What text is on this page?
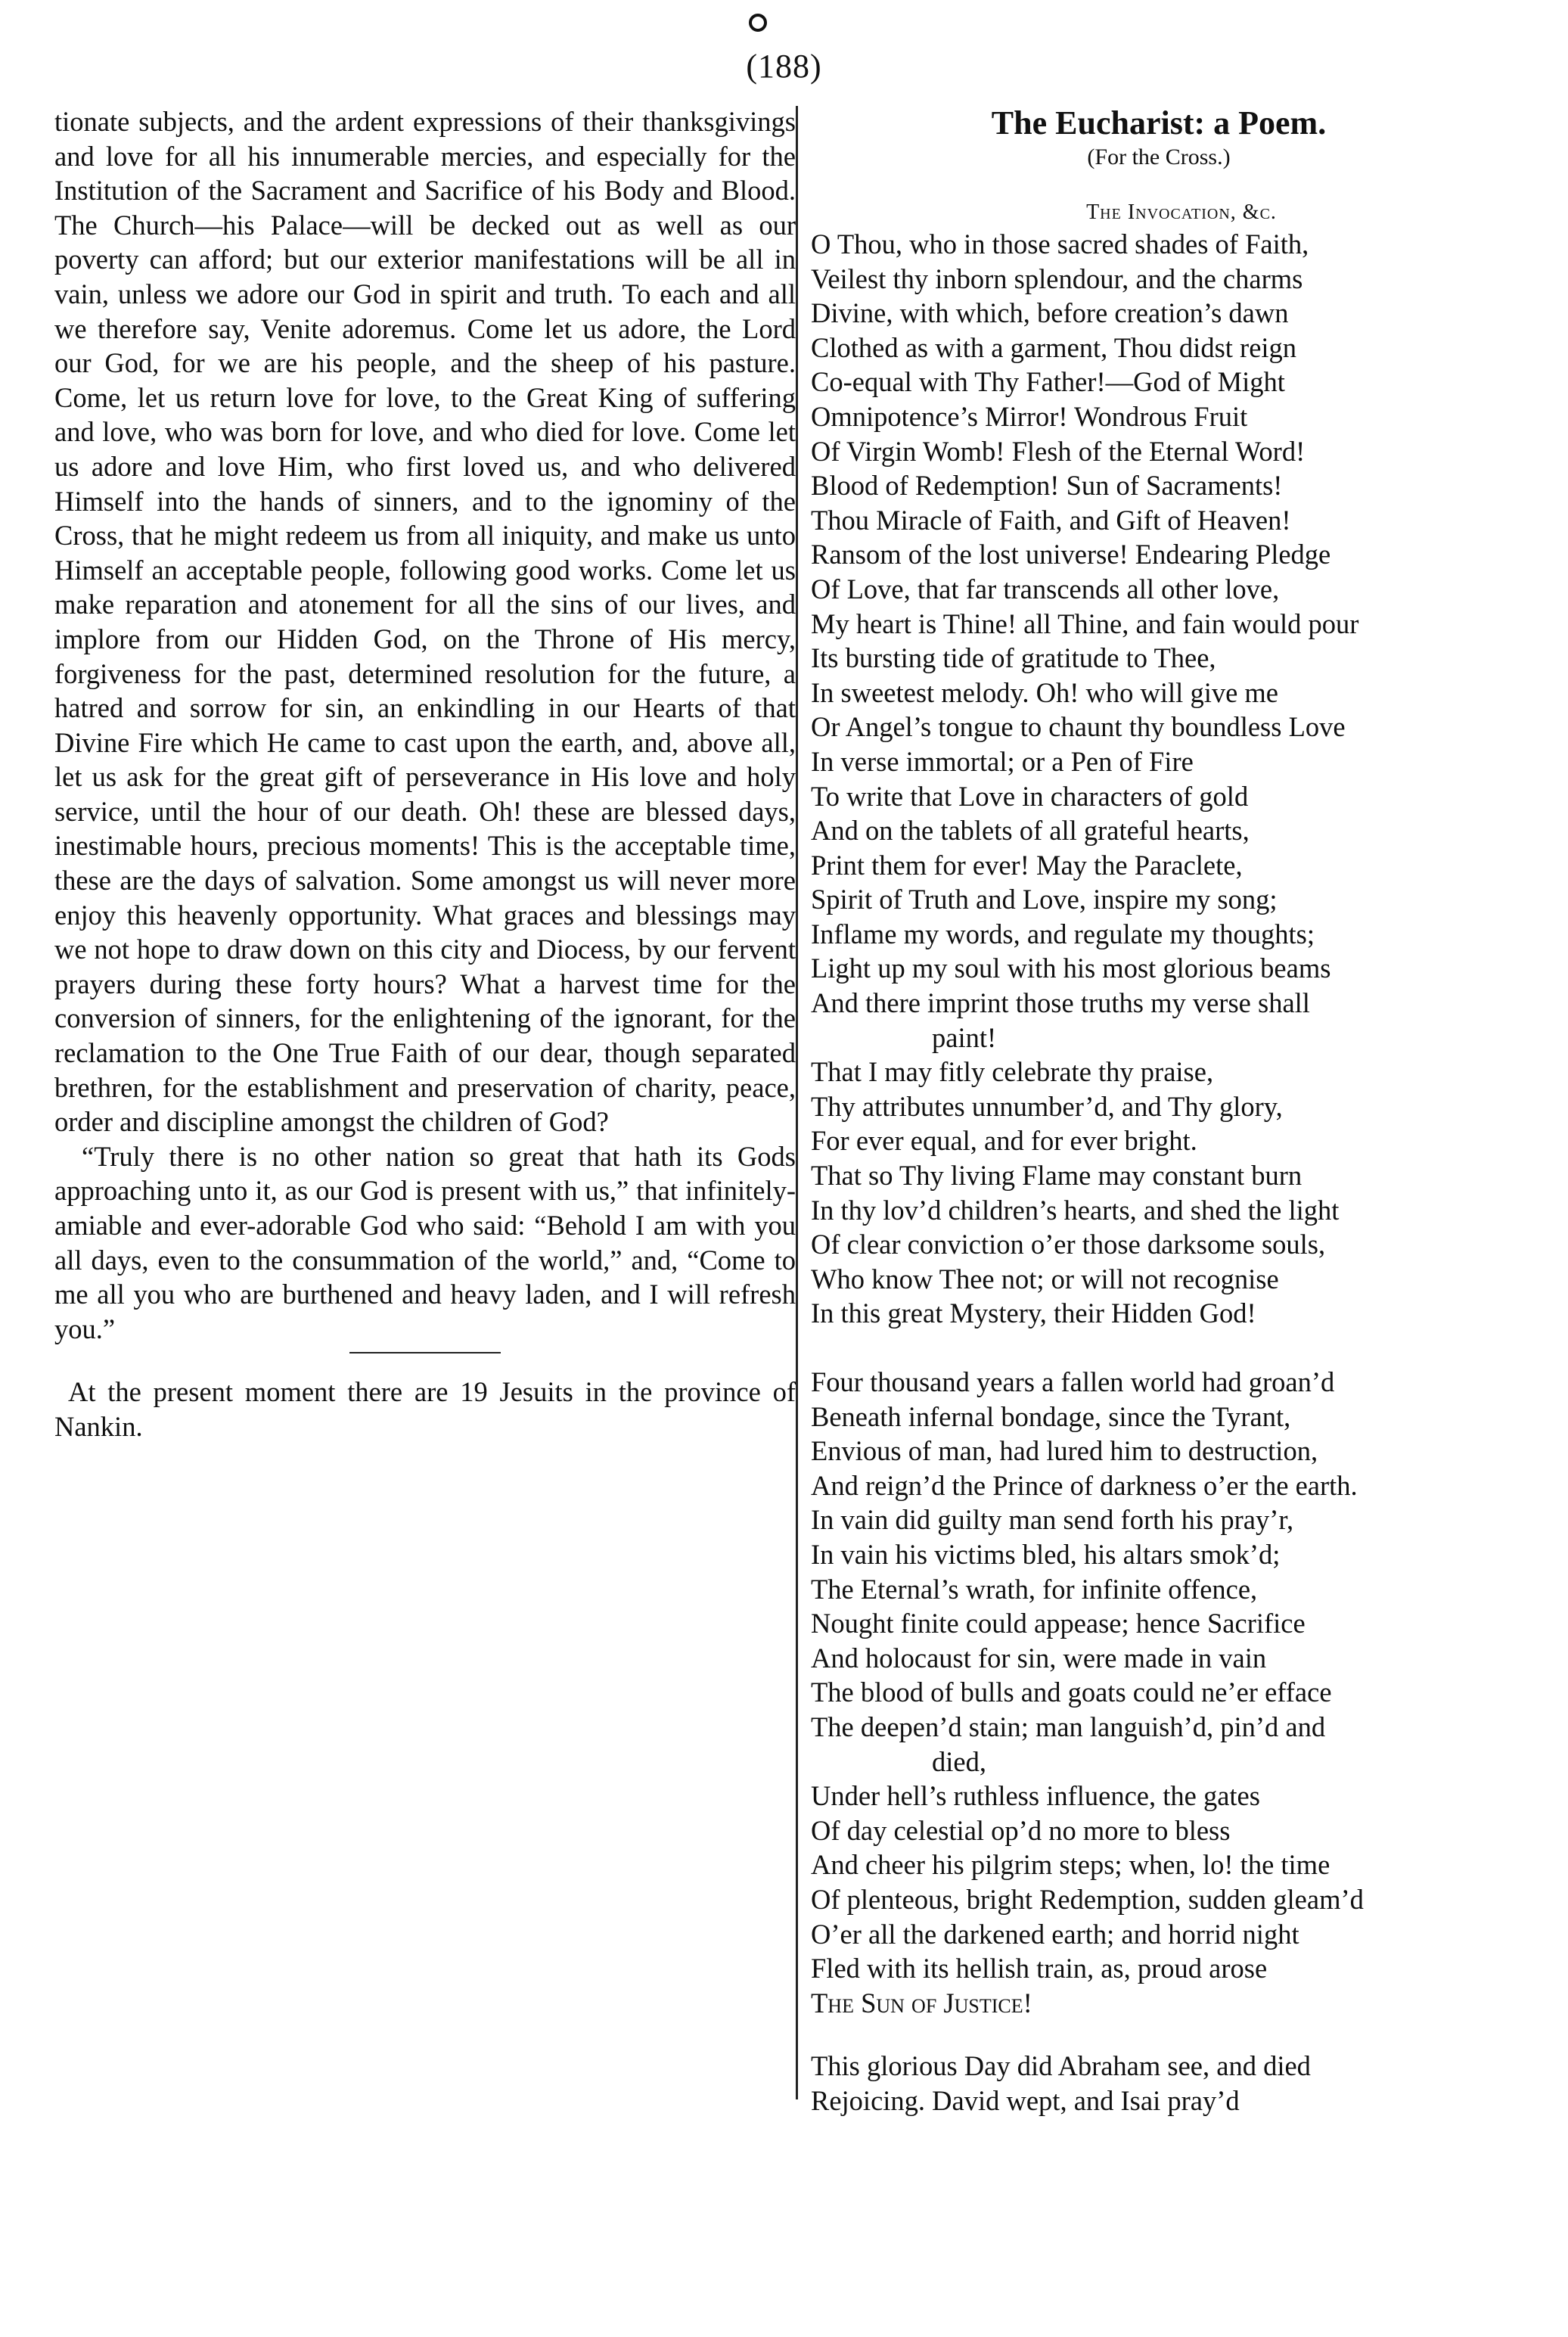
(188)

tionate subjects, and the ardent expressions of their thanksgivings and love for all his innumerable mercies, and especially for the Institution of the Sacrament and Sacrifice of his Body and Blood. The Church—his Palace—will be decked out as well as our poverty can afford; but our exterior manifestations will be all in vain, unless we adore our God in spirit and truth. To each and all we therefore say, Venite adoremus. Come let us adore, the Lord our God, for we are his people, and the sheep of his pasture. Come, let us return love for love, to the Great King of suffering and love, who was born for love, and who died for love. Come let us adore and love Him, who first loved us, and who delivered Himself into the hands of sinners, and to the ignominy of the Cross, that he might redeem us from all iniquity, and make us unto Himself an acceptable people, following good works. Come let us make reparation and atonement for all the sins of our lives, and implore from our Hidden God, on the Throne of His mercy, forgiveness for the past, determined resolution for the future, a hatred and sorrow for sin, an enkindling in our Hearts of that Divine Fire which He came to cast upon the earth, and, above all, let us ask for the great gift of perseverance in His love and holy service, until the hour of our death. Oh! these are blessed days, inestimable hours, precious moments! This is the acceptable time, these are the days of salvation. Some amongst us will never more enjoy this heavenly opportunity. What graces and blessings may we not hope to draw down on this city and Diocess, by our fervent prayers during these forty hours? What a harvest time for the conversion of sinners, for the enlightening of the ignorant, for the reclamation to the One True Faith of our dear, though separated brethren, for the establishment and preservation of charity, peace, order and discipline amongst the children of God?

“Truly there is no other nation so great that hath its Gods approaching unto it, as our God is present with us,” that infinitely-amiable and ever-adorable God who said: “Behold I am with you all days, even to the consummation of the world,” and, “Come to me all you who are burthened and heavy laden, and I will refresh you.”

At the present moment there are 19 Jesuits in the province of Nankin.

The Eucharist: a Poem.

(For the Cross.)

The Invocation, &c.

O Thou, who in those sacred shades of Faith,
Veilest thy inborn splendour, and the charms
Divine, with which, before creation’s dawn
Clothed as with a garment, Thou didst reign
Co-equal with Thy Father!—God of Might
Omnipotence’s Mirror! Wondrous Fruit
Of Virgin Womb! Flesh of the Eternal Word!
Blood of Redemption! Sun of Sacraments!
Thou Miracle of Faith, and Gift of Heaven!
Ransom of the lost universe! Endearing Pledge
Of Love, that far transcends all other love,
My heart is Thine! all Thine, and fain would pour
Its bursting tide of gratitude to Thee,
In sweetest melody. Oh! who will give me
Or Angel’s tongue to chaunt thy boundless Love
In verse immortal; or a Pen of Fire
To write that Love in characters of gold
And on the tablets of all grateful hearts,
Print them for ever! May the Paraclete,
Spirit of Truth and Love, inspire my song;
Inflame my words, and regulate my thoughts;
Light up my soul with his most glorious beams
And there imprint those truths my verse shall
paint!
That I may fitly celebrate thy praise,
Thy attributes unnumber’d, and Thy glory,
For ever equal, and for ever bright.
That so Thy living Flame may constant burn
In thy lov’d children’s hearts, and shed the light
Of clear conviction o’er those darksome souls,
Who know Thee not; or will not recognise
In this great Mystery, their Hidden God!
Four thousand years a fallen world had groan’d
Beneath infernal bondage, since the Tyrant,
Envious of man, had lured him to destruction,
And reign’d the Prince of darkness o’er the earth.
In vain did guilty man send forth his pray’r,
In vain his victims bled, his altars smok’d;
The Eternal’s wrath, for infinite offence,
Nought finite could appease; hence Sacrifice
And holocaust for sin, were made in vain
The blood of bulls and goats could ne’er efface
The deepen’d stain; man languish’d, pin’d and
died,
Under hell’s ruthless influence, the gates
Of day celestial op’d no more to bless
And cheer his pilgrim steps; when, lo! the time
Of plenteous, bright Redemption, sudden gleam’d
O’er all the darkened earth; and horrid night
Fled with its hellish train, as, proud arose
The Sun of Justice!
This glorious Day did Abraham see, and died
Rejoicing. David wept, and Isai pray’d
